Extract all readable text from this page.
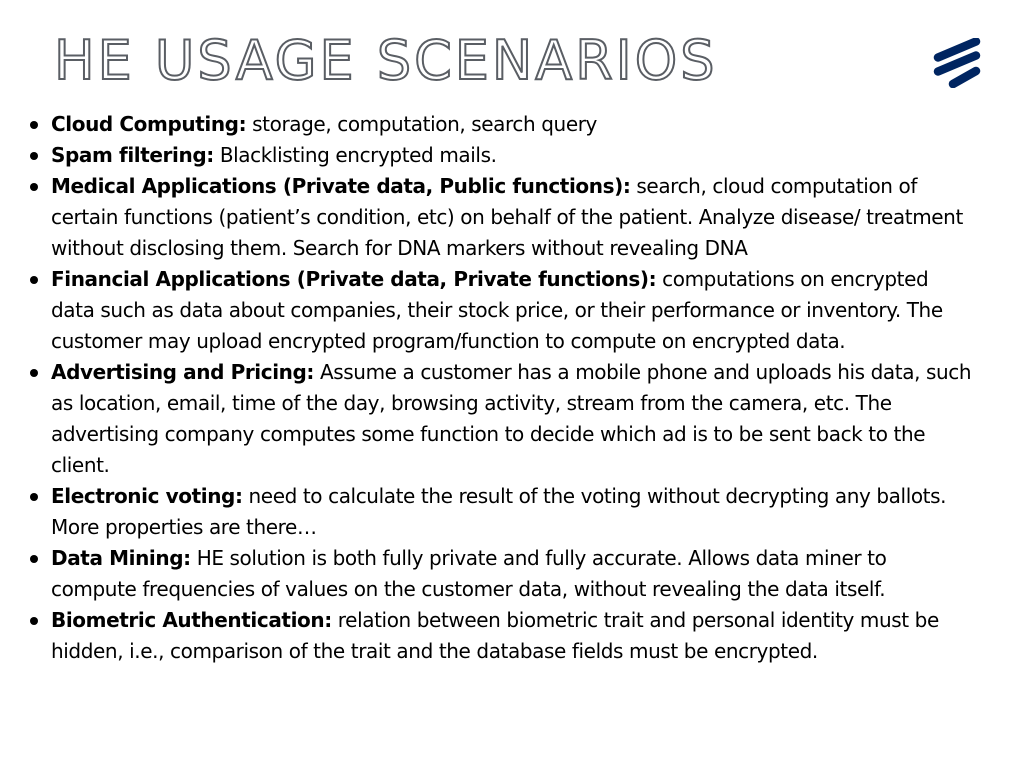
HE USAGE SCENARIOS
Cloud Computing: storage, computation, search query
Spam filtering: Blacklisting encrypted mails.
Medical Applications (Private data, Public functions): search, cloud computation of certain functions (patient’s condition, etc) on behalf of the patient. Analyze disease/ treatment without disclosing them. Search for DNA markers without revealing DNA
Financial Applications (Private data, Private functions): computations on encrypted data such as data about companies, their stock price, or their performance or inventory. The customer may upload encrypted program/function to compute on encrypted data.
Advertising and Pricing: Assume a customer has a mobile phone and uploads his data, such as location, email, time of the day, browsing activity, stream from the camera, etc. The advertising company computes some function to decide which ad is to be sent back to the client.
Electronic voting: need to calculate the result of the voting without decrypting any ballots. More properties are there…
Data Mining: HE solution is both fully private and fully accurate. Allows data miner to compute frequencies of values on the customer data, without revealing the data itself.
Biometric Authentication: relation between biometric trait and personal identity must be hidden, i.e., comparison of the trait and the database fields must be encrypted.
